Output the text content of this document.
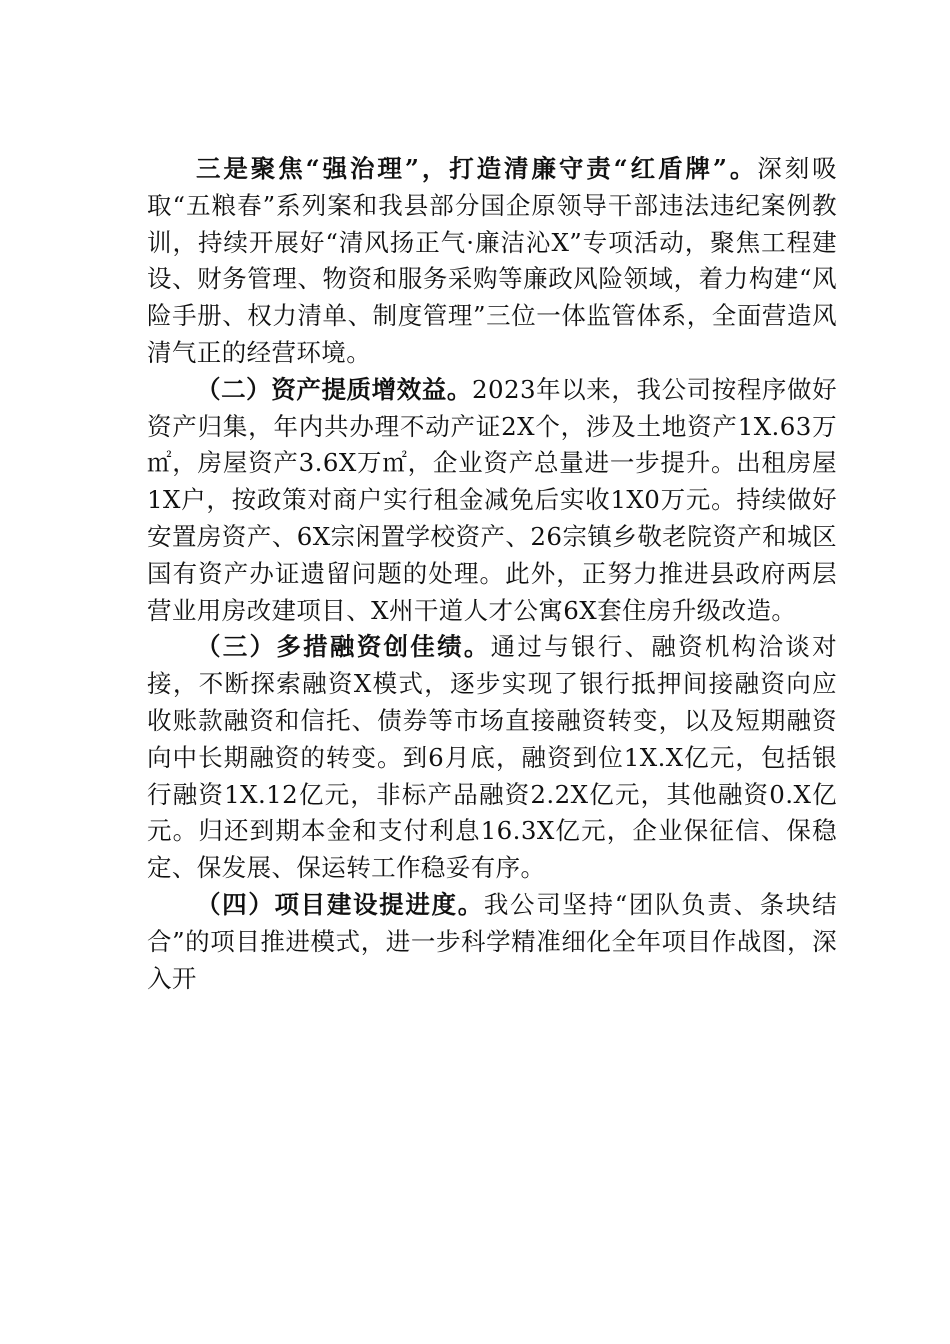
三是聚焦“强治理”，打造清廉守责“红盾牌”。深刻吸取“五粮春”系列案和我县部分国企原领导干部违法违纪案例教训，持续开展好“清风扬正气·廉洁沁X”专项活动，聚焦工程建设、财务管理、物资和服务采购等廉政风险领域，着力构建“风险手册、权力清单、制度管理”三位一体监管体系，全面营造风清气正的经营环境。

（二）资产提质增效益。2023年以来，我公司按程序做好资产归集，年内共办理不动产证2X个，涉及土地资产1X.63万㎡，房屋资产3.6X万㎡，企业资产总量进一步提升。出租房屋1X户，按政策对商户实行租金减免后实收1X0万元。持续做好安置房资产、6X宗闲置学校资产、26宗镇乡敬老院资产和城区国有资产办证遗留问题的处理。此外，正努力推进县政府两层营业用房改建项目、X州干道人才公寓6X套住房升级改造。

（三）多措融资创佳绩。通过与银行、融资机构洽谈对接，不断探索融资X模式，逐步实现了银行抵押间接融资向应收账款融资和信托、债券等市场直接融资转变，以及短期融资向中长期融资的转变。到6月底，融资到位1X.X亿元，包括银行融资1X.12亿元，非标产品融资2.2X亿元，其他融资0.X亿元。归还到期本金和支付利息16.3X亿元，企业保征信、保稳定、保发展、保运转工作稳妥有序。

（四）项目建设提进度。我公司坚持“团队负责、条块结合”的项目推进模式，进一步科学精准细化全年项目作战图，深入开
